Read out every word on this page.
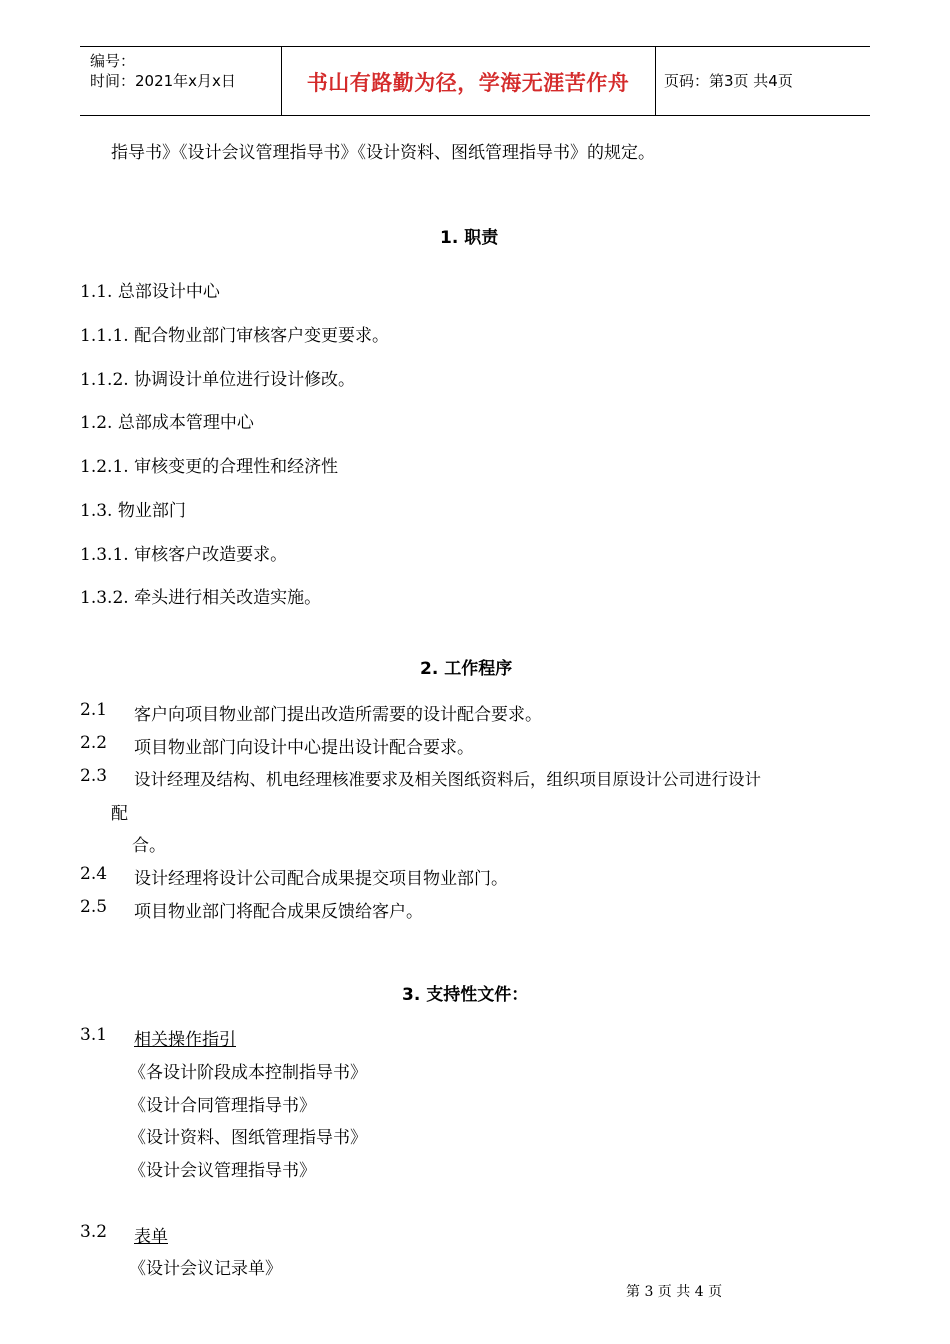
编号：
时间：2021年x月x日	书山有路勤为径，学海无涯苦作舟	页码：第3页 共4页
指导书》《设计会议管理指导书》《设计资料、图纸管理指导书》的规定。
1. 职责
1.1. 总部设计中心
1.1.1. 配合物业部门审核客户变更要求。
1.1.2. 协调设计单位进行设计修改。
1.2. 总部成本管理中心
1.2.1. 审核变更的合理性和经济性
1.3. 物业部门
1.3.1. 审核客户改造要求。
1.3.2. 牵头进行相关改造实施。
2. 工作程序
2.1 客户向项目物业部门提出改造所需要的设计配合要求。
2.2 项目物业部门向设计中心提出设计配合要求。
2.3 设计经理及结构、机电经理核准要求及相关图纸资料后，组织项目原设计公司进行设计
配
合。
2.4 设计经理将设计公司配合成果提交项目物业部门。
2.5 项目物业部门将配合成果反馈给客户。
3. 支持性文件：
3.1 相关操作指引
《各设计阶段成本控制指导书》
《设计合同管理指导书》
《设计资料、图纸管理指导书》
《设计会议管理指导书》
3.2 表单
《设计会议记录单》
第 3 页 共 4 页
